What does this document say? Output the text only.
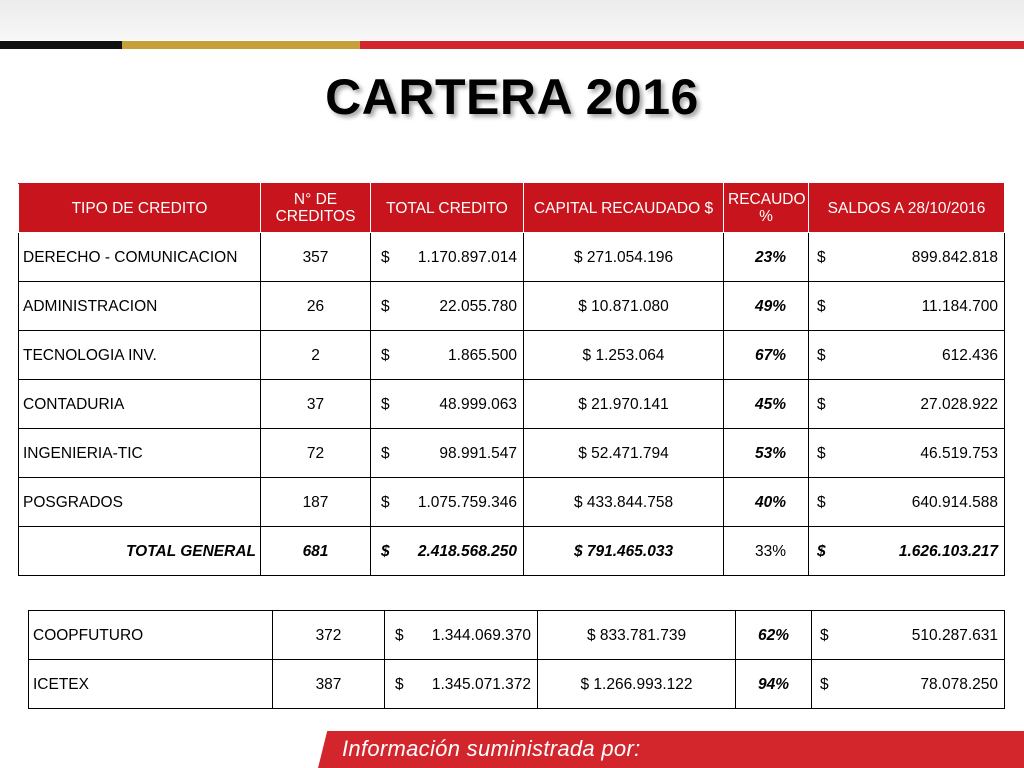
CARTERA 2016
TIPO DE CREDITO	N° DE CREDITOS	TOTAL CREDITO	CAPITAL RECAUDADO $	RECAUDO %	SALDOS A 28/10/2016
DERECHO - COMUNICACION	357	$ 1.170.897.014	$ 271.054.196	23%	$ 899.842.818
ADMINISTRACION	26	$ 22.055.780	$ 10.871.080	49%	$ 11.184.700
TECNOLOGIA INV.	2	$ 1.865.500	$ 1.253.064	67%	$ 612.436
CONTADURIA	37	$ 48.999.063	$ 21.970.141	45%	$ 27.028.922
INGENIERIA-TIC	72	$ 98.991.547	$ 52.471.794	53%	$ 46.519.753
POSGRADOS	187	$ 1.075.759.346	$ 433.844.758	40%	$ 640.914.588
TOTAL GENERAL	681	$ 2.418.568.250	$ 791.465.033	33%	$ 1.626.103.217
COOPFUTURO	372	$ 1.344.069.370	$ 833.781.739	62%	$ 510.287.631
ICETEX	387	$ 1.345.071.372	$ 1.266.993.122	94%	$ 78.078.250
Información suministrada por:
